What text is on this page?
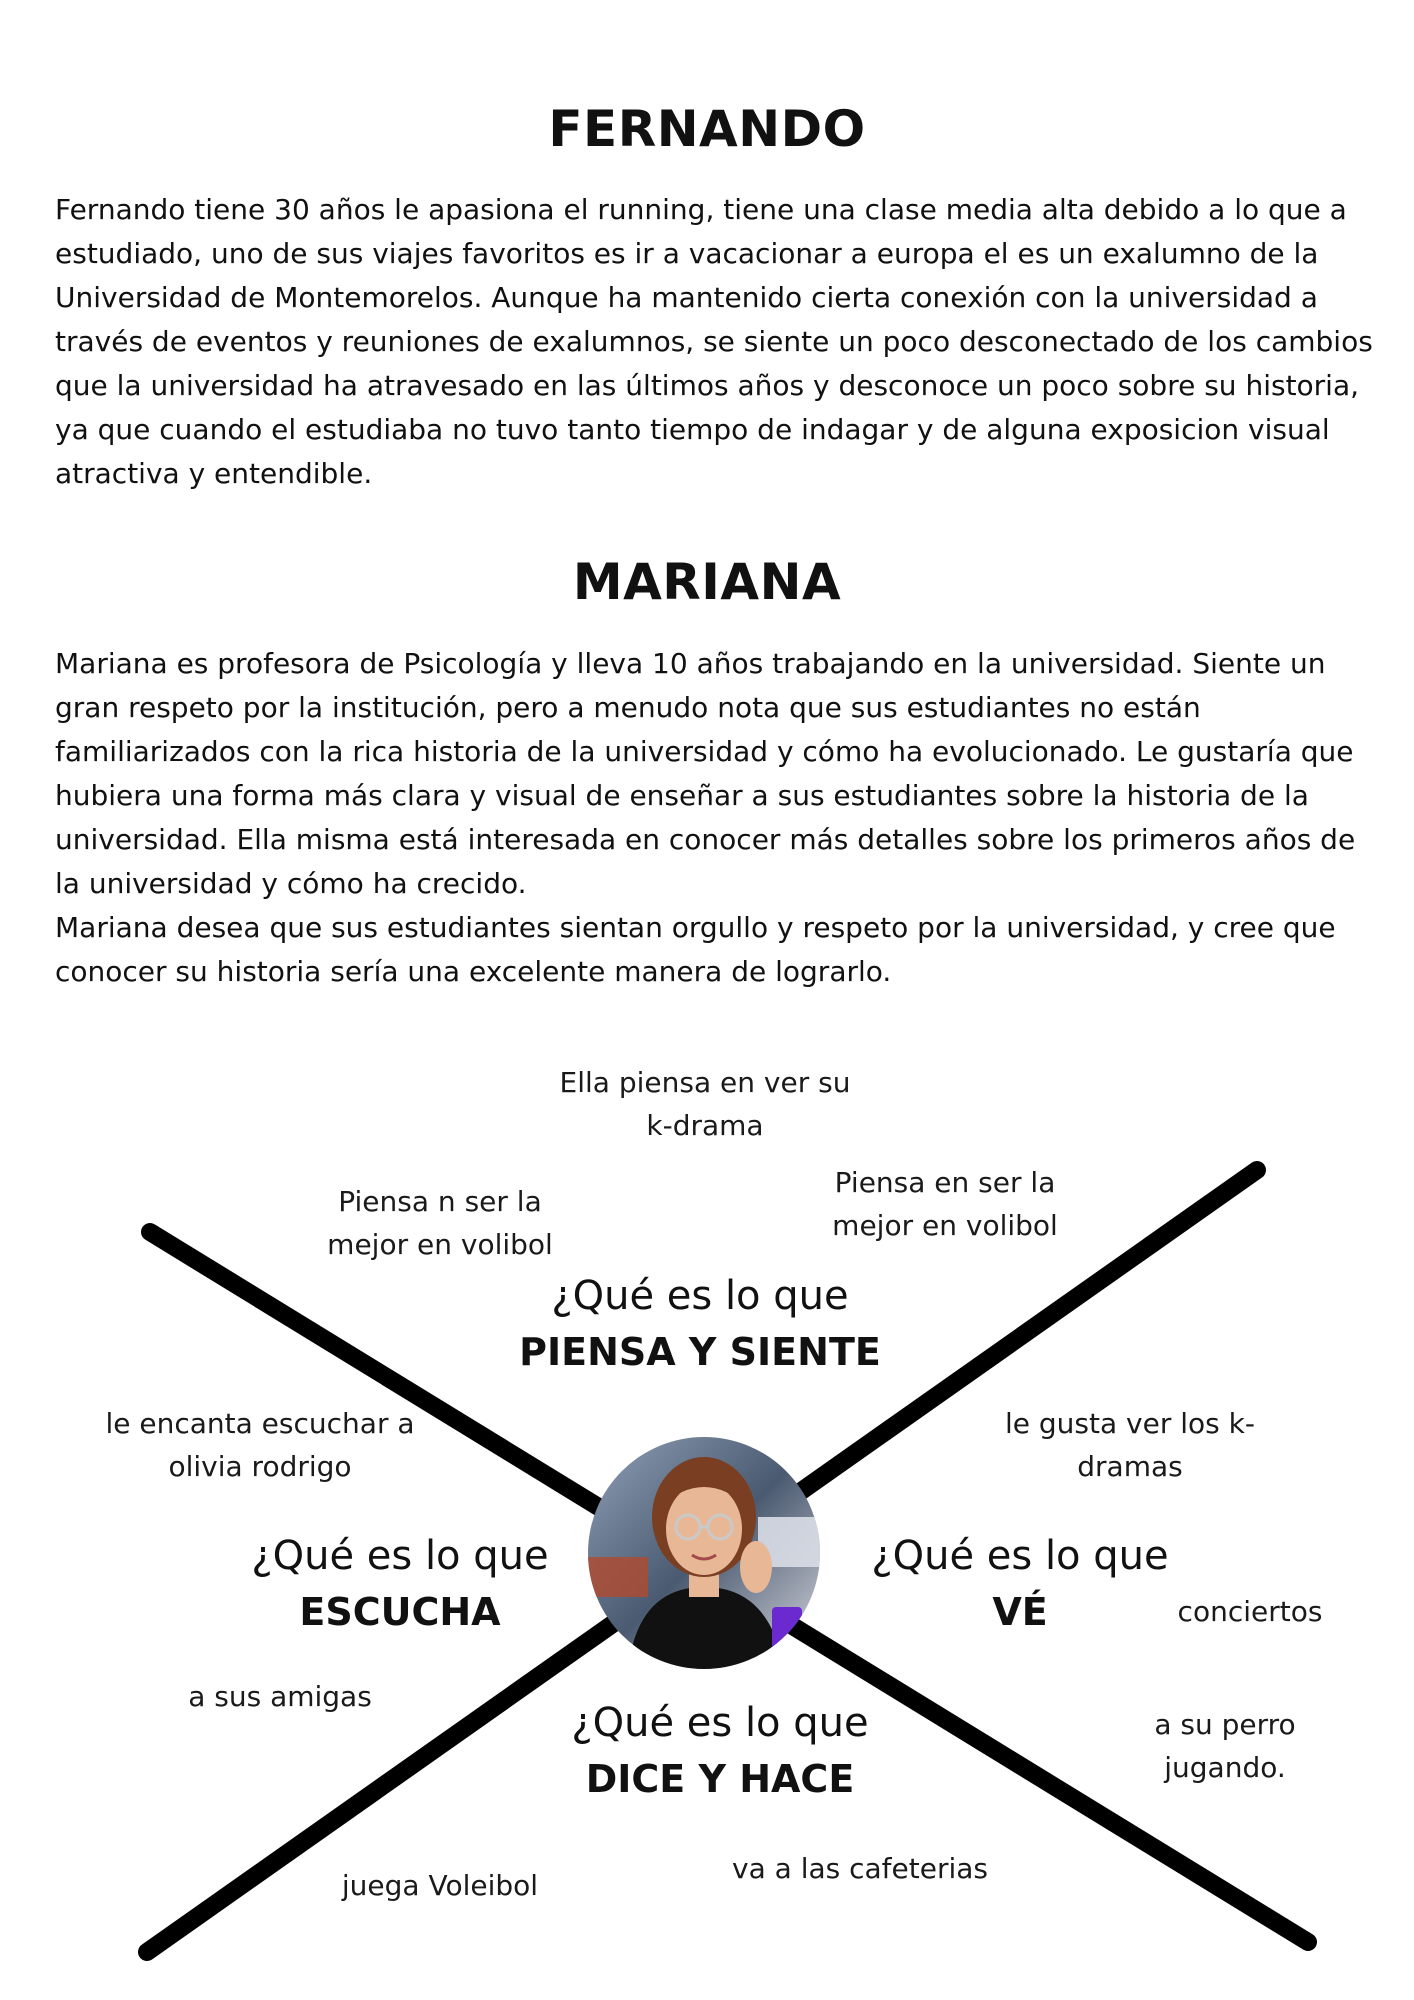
FERNANDO

Fernando tiene 30 años le apasiona el running, tiene una clase media alta debido a lo que a estudiado, uno de sus viajes favoritos es ir a vacacionar a europa el es un exalumno de la Universidad de Montemorelos. Aunque ha mantenido cierta conexión con la universidad a través de eventos y reuniones de exalumnos, se siente un poco desconectado de los cambios que la universidad ha atravesado en las últimos años y desconoce un poco sobre su historia, ya que cuando el estudiaba no tuvo tanto tiempo de indagar y de alguna exposicion visual atractiva y entendible.

MARIANA

Mariana es profesora de Psicología y lleva 10 años trabajando en la universidad. Siente un gran respeto por la institución, pero a menudo nota que sus estudiantes no están familiarizados con la rica historia de la universidad y cómo ha evolucionado. Le gustaría que hubiera una forma más clara y visual de enseñar a sus estudiantes sobre la historia de la universidad. Ella misma está interesada en conocer más detalles sobre los primeros años de la universidad y cómo ha crecido.

Mariana desea que sus estudiantes sientan orgullo y respeto por la universidad, y cree que conocer su historia sería una excelente manera de lograrlo.

¿Qué es lo que
PIENSA Y SIENTE
¿Qué es lo que
ESCUCHA
¿Qué es lo que
VÉ
¿Qué es lo que
DICE Y HACE
Ella piensa en ver su k-drama
Piensa n ser la mejor en volibol
Piensa en ser la mejor en volibol
le encanta escuchar a olivia rodrigo
a sus amigas
le gusta ver los k-dramas
conciertos
a su perro jugando.
juega Voleibol
va a las cafeterias
